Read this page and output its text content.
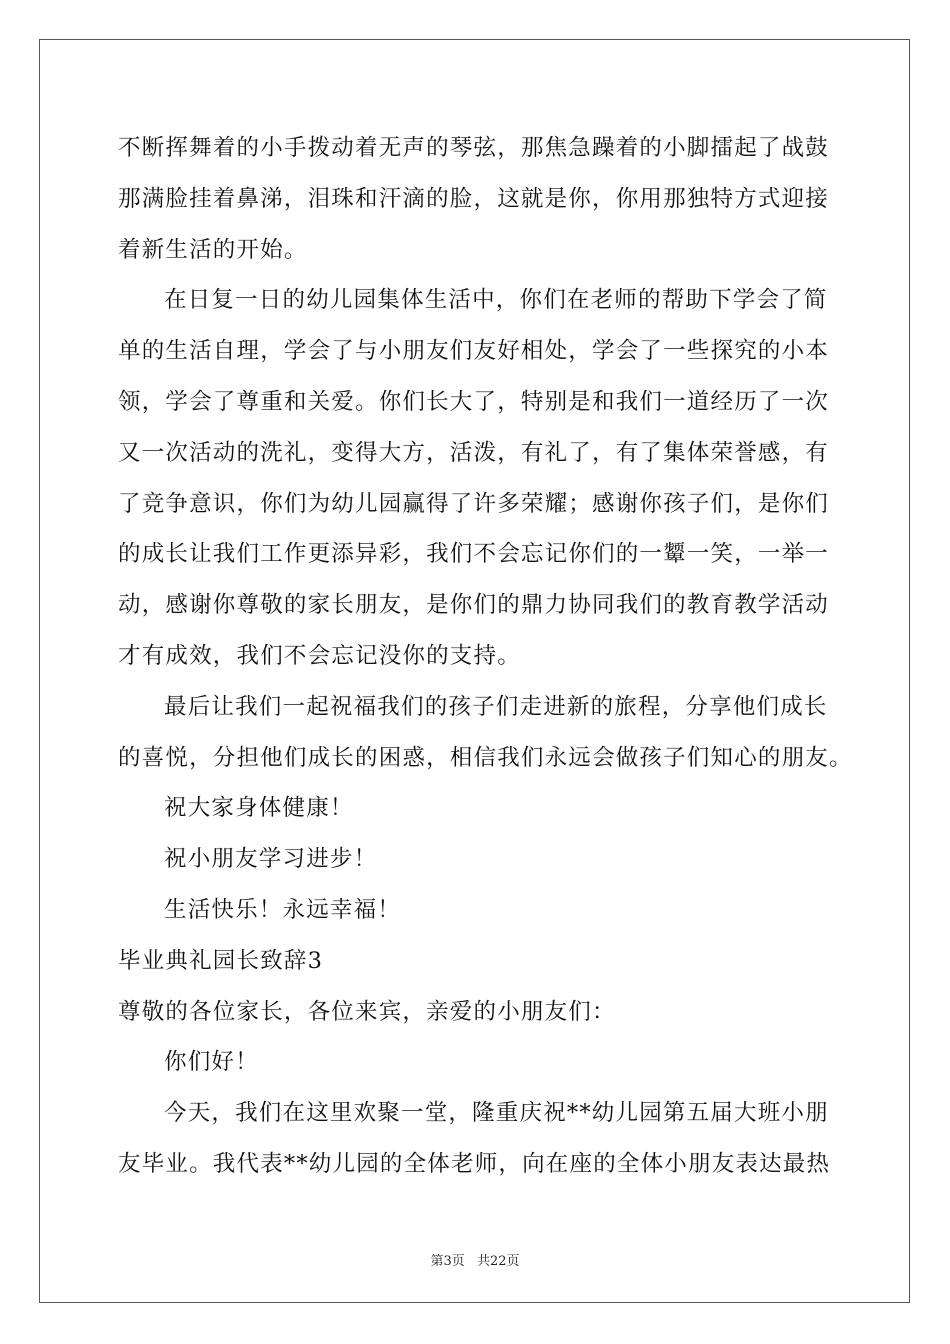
不断挥舞着的小手拨动着无声的琴弦，那焦急躁着的小脚擂起了战鼓
那满脸挂着鼻涕，泪珠和汗滴的脸，这就是你，你用那独特方式迎接
着新生活的开始。
在日复一日的幼儿园集体生活中，你们在老师的帮助下学会了简
单的生活自理，学会了与小朋友们友好相处，学会了一些探究的小本
领，学会了尊重和关爱。你们长大了，特别是和我们一道经历了一次
又一次活动的洗礼，变得大方，活泼，有礼了，有了集体荣誉感，有
了竞争意识，你们为幼儿园赢得了许多荣耀；感谢你孩子们，是你们
的成长让我们工作更添异彩，我们不会忘记你们的一颦一笑，一举一
动，感谢你尊敬的家长朋友，是你们的鼎力协同我们的教育教学活动
才有成效，我们不会忘记没你的支持。
最后让我们一起祝福我们的孩子们走进新的旅程，分享他们成长
的喜悦，分担他们成长的困惑，相信我们永远会做孩子们知心的朋友。
祝大家身体健康！
祝小朋友学习进步！
生活快乐！永远幸福！
毕业典礼园长致辞3
尊敬的各位家长，各位来宾，亲爱的小朋友们：
你们好！
今天，我们在这里欢聚一堂，隆重庆祝**幼儿园第五届大班小朋
友毕业。我代表**幼儿园的全体老师，向在座的全体小朋友表达最热
第3页 共22页
